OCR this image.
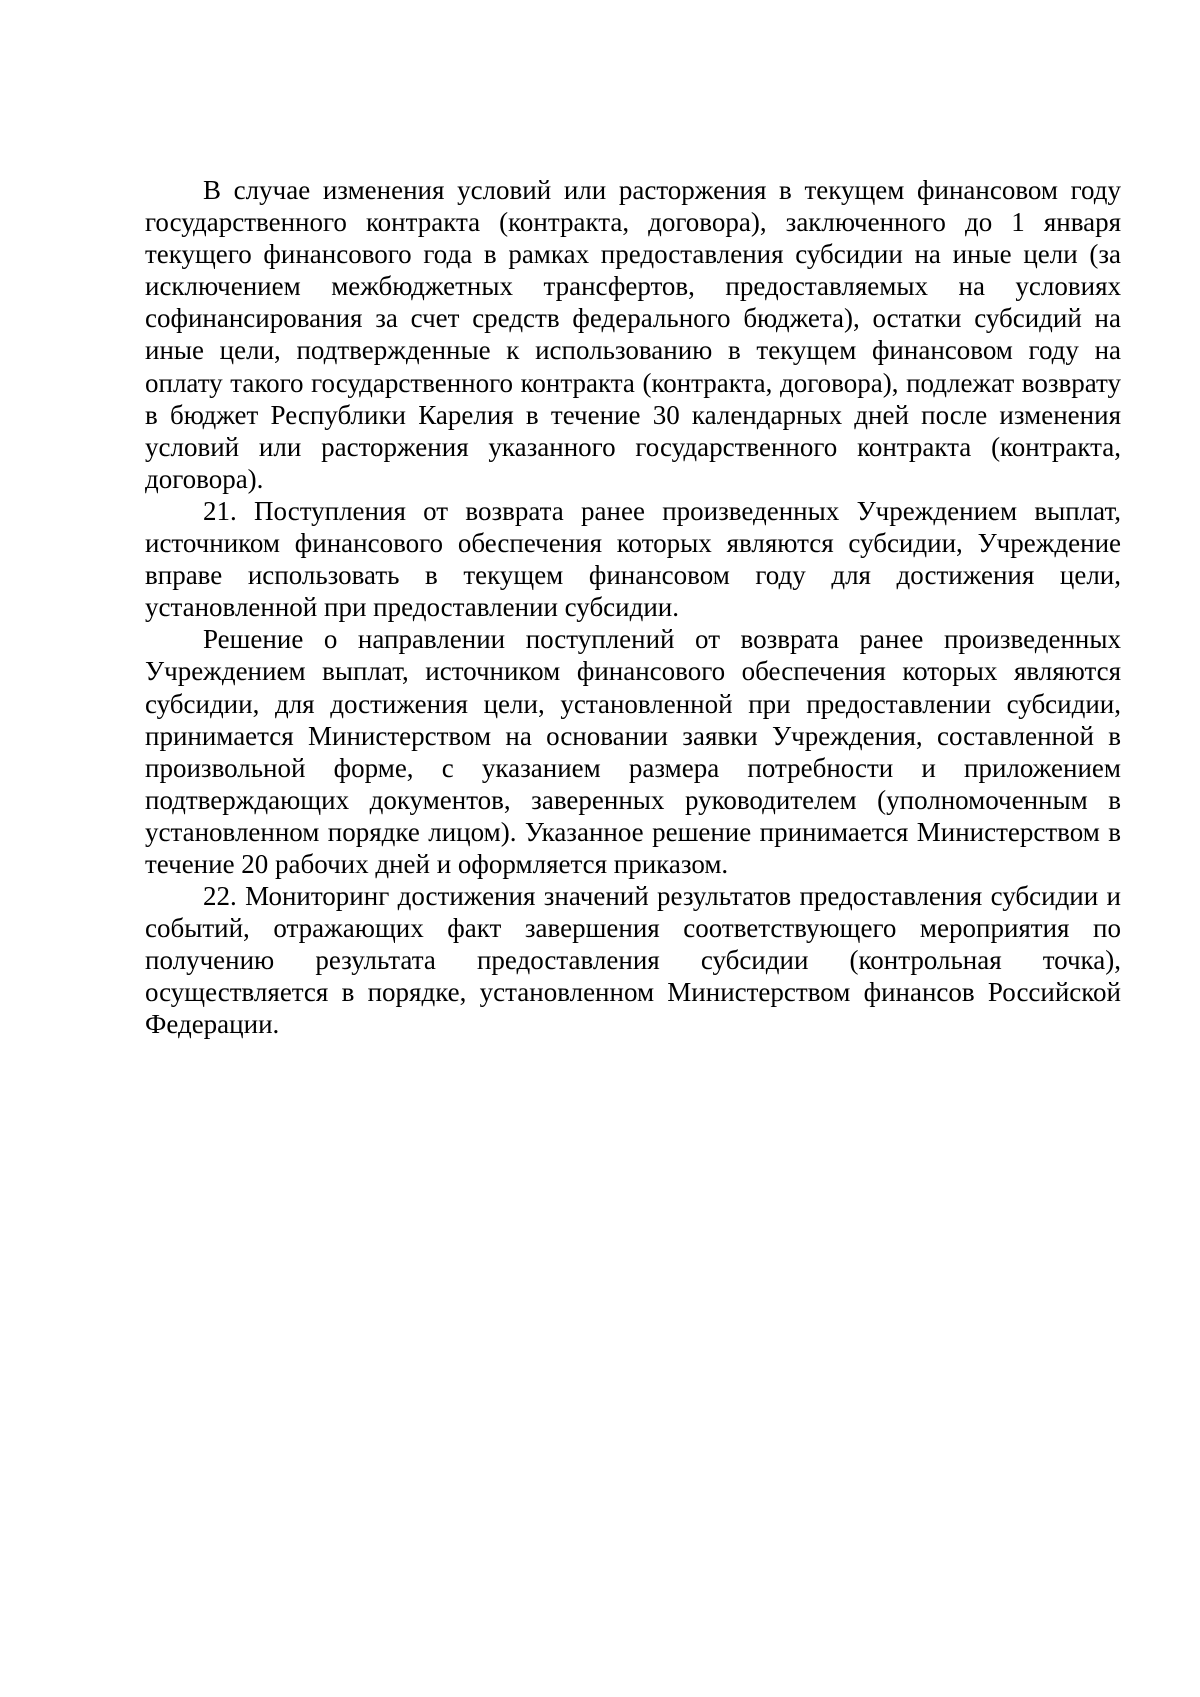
В случае изменения условий или расторжения в текущем финансовом году государственного контракта (контракта, договора), заключенного до 1 января текущего финансового года в рамках предоставления субсидии на иные цели (за исключением межбюджетных трансфертов, предоставляемых на условиях софинансирования за счет средств федерального бюджета), остатки субсидий на иные цели, подтвержденные к использованию в текущем финансовом году на оплату такого государственного контракта (контракта, договора), подлежат возврату в бюджет Республики Карелия в течение 30 календарных дней после изменения условий или расторжения указанного государственного контракта (контракта, договора).

21. Поступления от возврата ранее произведенных Учреждением выплат, источником финансового обеспечения которых являются субсидии, Учреждение вправе использовать в текущем финансовом году для достижения цели, установленной при предоставлении субсидии.

Решение о направлении поступлений от возврата ранее произведенных Учреждением выплат, источником финансового обеспечения которых являются субсидии, для достижения цели, установленной при предоставлении субсидии, принимается Министерством на основании заявки Учреждения, составленной в произвольной форме, с указанием размера потребности и приложением подтверждающих документов, заверенных руководителем (уполномоченным в установленном порядке лицом). Указанное решение принимается Министерством в течение 20 рабочих дней и оформляется приказом.

22. Мониторинг достижения значений результатов предоставления субсидии и событий, отражающих факт завершения соответствующего мероприятия по получению результата предоставления субсидии (контрольная точка), осуществляется в порядке, установленном Министерством финансов Российской Федерации.
